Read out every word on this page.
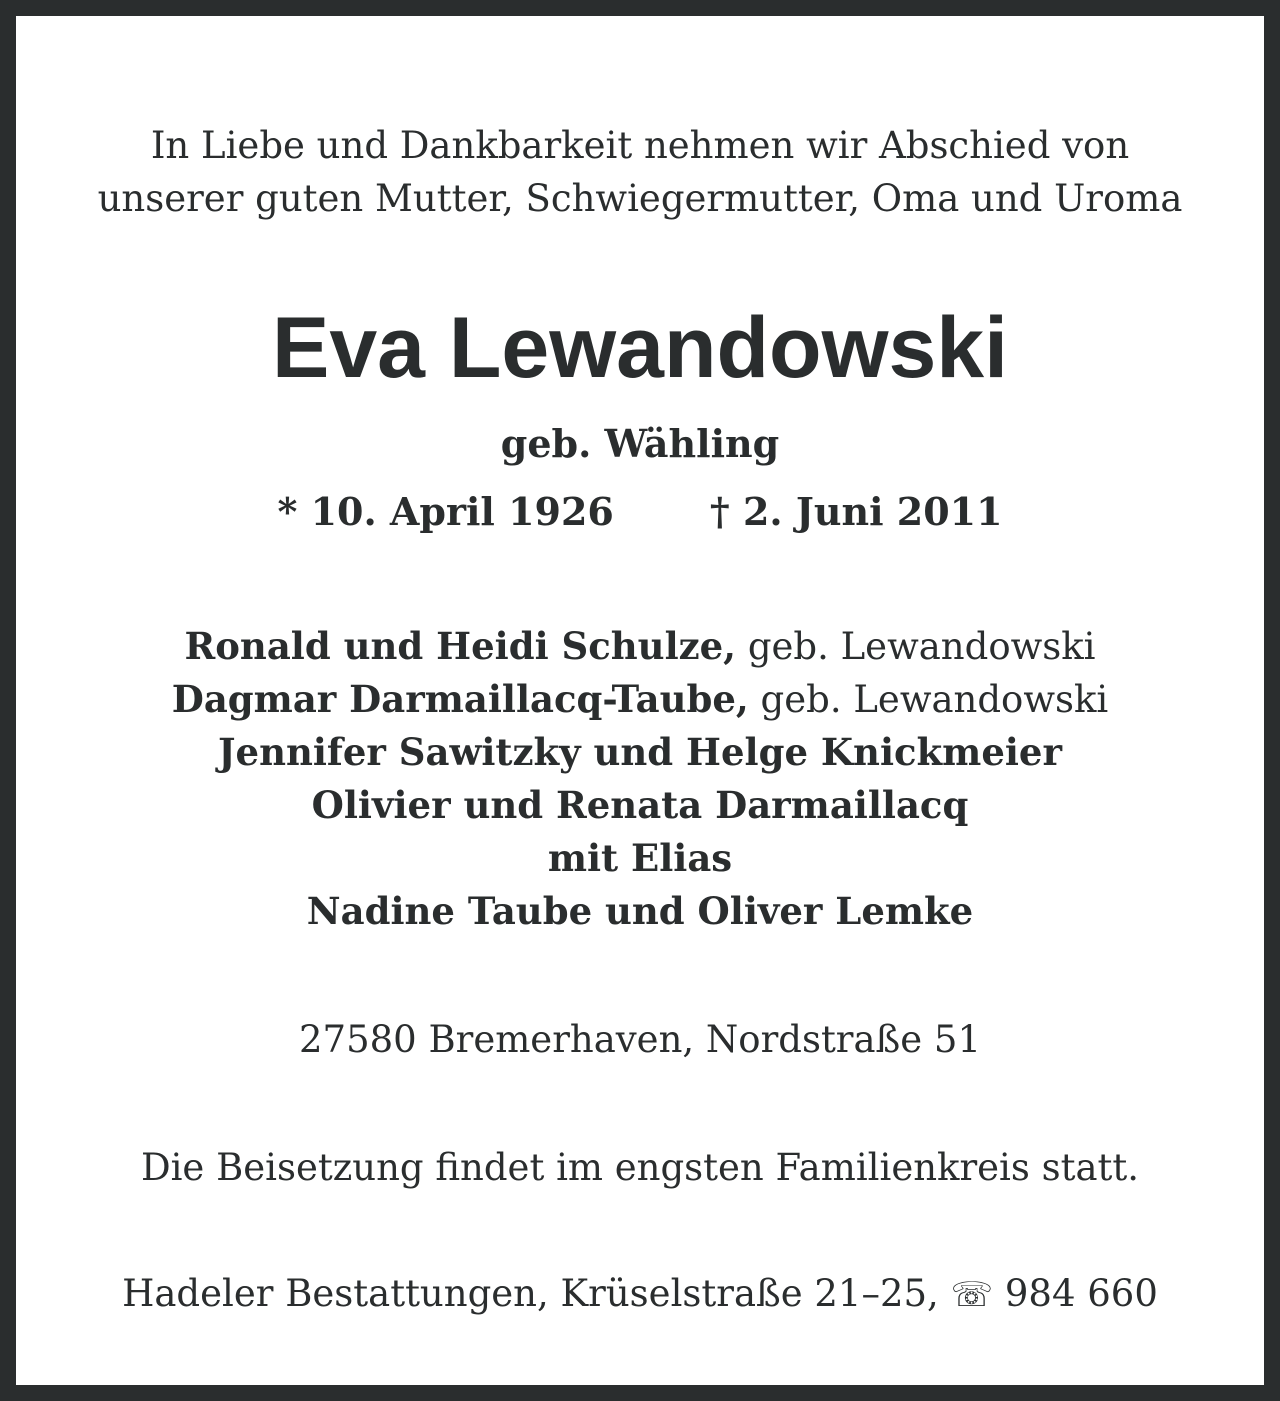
In Liebe und Dankbarkeit nehmen wir Abschied von
unserer guten Mutter, Schwiegermutter, Oma und Uroma
Eva Lewandowski
geb. Wähling
* 10. April 1926	† 2. Juni 2011
Ronald und Heidi Schulze, geb. Lewandowski
Dagmar Darmaillacq-Taube, geb. Lewandowski
Jennifer Sawitzky und Helge Knickmeier
Olivier und Renata Darmaillacq
mit Elias
Nadine Taube und Oliver Lemke
27580 Bremerhaven, Nordstraße 51
Die Beisetzung findet im engsten Familienkreis statt.
Hadeler Bestattungen, Krüselstraße 21–25, ☏ 984 660
